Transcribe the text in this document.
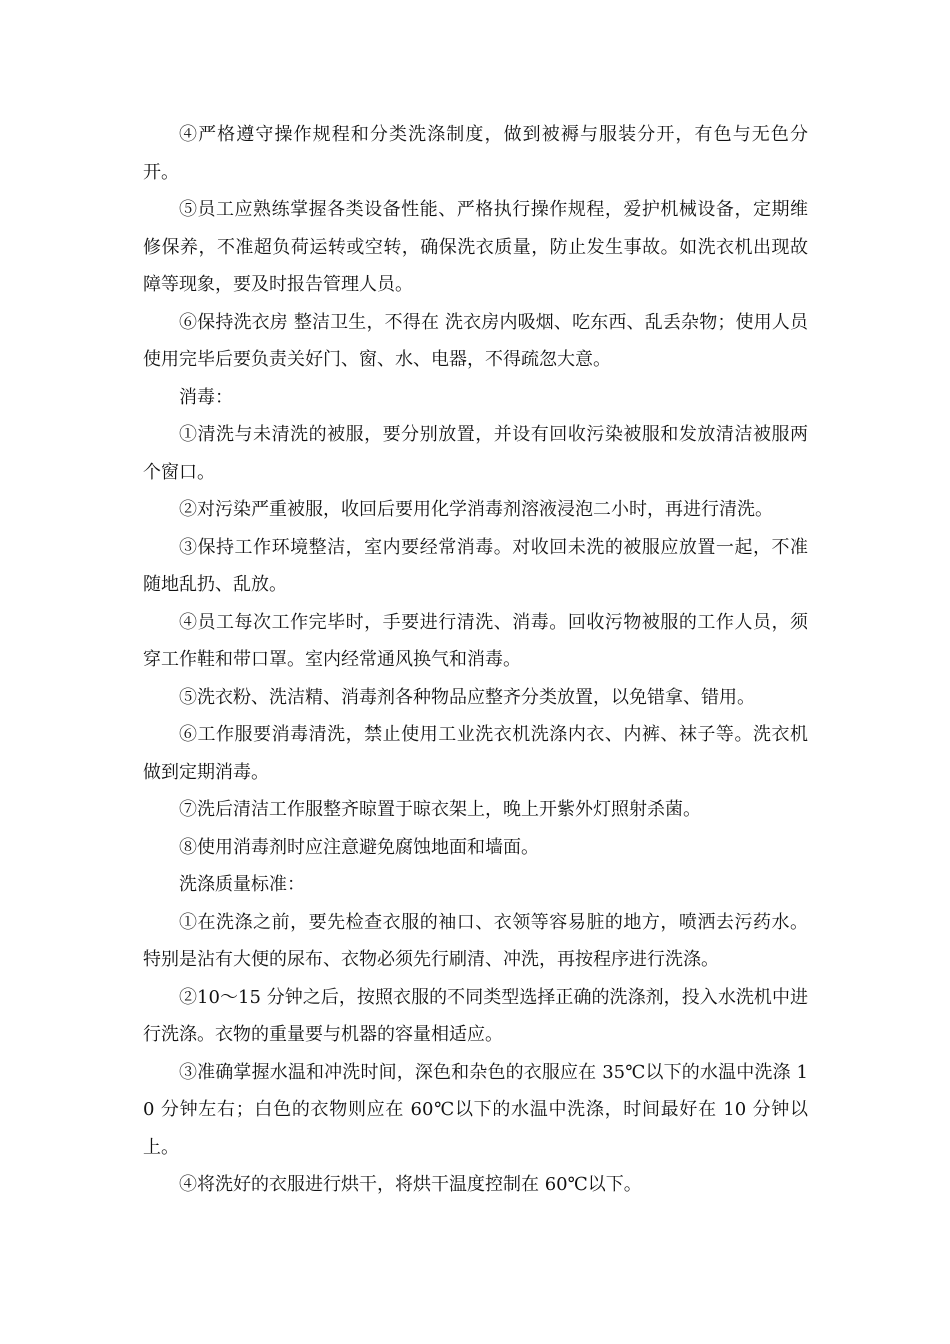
④严格遵守操作规程和分类洗涤制度，做到被褥与服装分开，有色与无色分开。

⑤员工应熟练掌握各类设备性能、严格执行操作规程，爱护机械设备，定期维修保养，不准超负荷运转或空转，确保洗衣质量，防止发生事故。如洗衣机出现故障等现象，要及时报告管理人员。

⑥保持洗衣房 整洁卫生，不得在 洗衣房内吸烟、吃东西、乱丢杂物；使用人员使用完毕后要负责关好门、窗、水、电器，不得疏忽大意。

消毒：

①清洗与未清洗的被服，要分别放置，并设有回收污染被服和发放清洁被服两个窗口。

②对污染严重被服，收回后要用化学消毒剂溶液浸泡二小时，再进行清洗。

③保持工作环境整洁，室内要经常消毒。对收回未洗的被服应放置一起，不准随地乱扔、乱放。

④员工每次工作完毕时，手要进行清洗、消毒。回收污物被服的工作人员，须穿工作鞋和带口罩。室内经常通风换气和消毒。

⑤洗衣粉、洗洁精、消毒剂各种物品应整齐分类放置，以免错拿、错用。

⑥工作服要消毒清洗，禁止使用工业洗衣机洗涤内衣、内裤、袜子等。洗衣机做到定期消毒。

⑦洗后清洁工作服整齐晾置于晾衣架上，晚上开紫外灯照射杀菌。

⑧使用消毒剂时应注意避免腐蚀地面和墙面。

洗涤质量标准：

①在洗涤之前，要先检查衣服的袖口、衣领等容易脏的地方，喷洒去污药水。特别是沾有大便的尿布、衣物必须先行刷清、冲洗，再按程序进行洗涤。

②10～15 分钟之后，按照衣服的不同类型选择正确的洗涤剂，投入水洗机中进行洗涤。衣物的重量要与机器的容量相适应。

③准确掌握水温和冲洗时间，深色和杂色的衣服应在 35℃以下的水温中洗涤 10 分钟左右；白色的衣物则应在 60℃以下的水温中洗涤，时间最好在 10 分钟以上。

④将洗好的衣服进行烘干，将烘干温度控制在 60℃以下。
